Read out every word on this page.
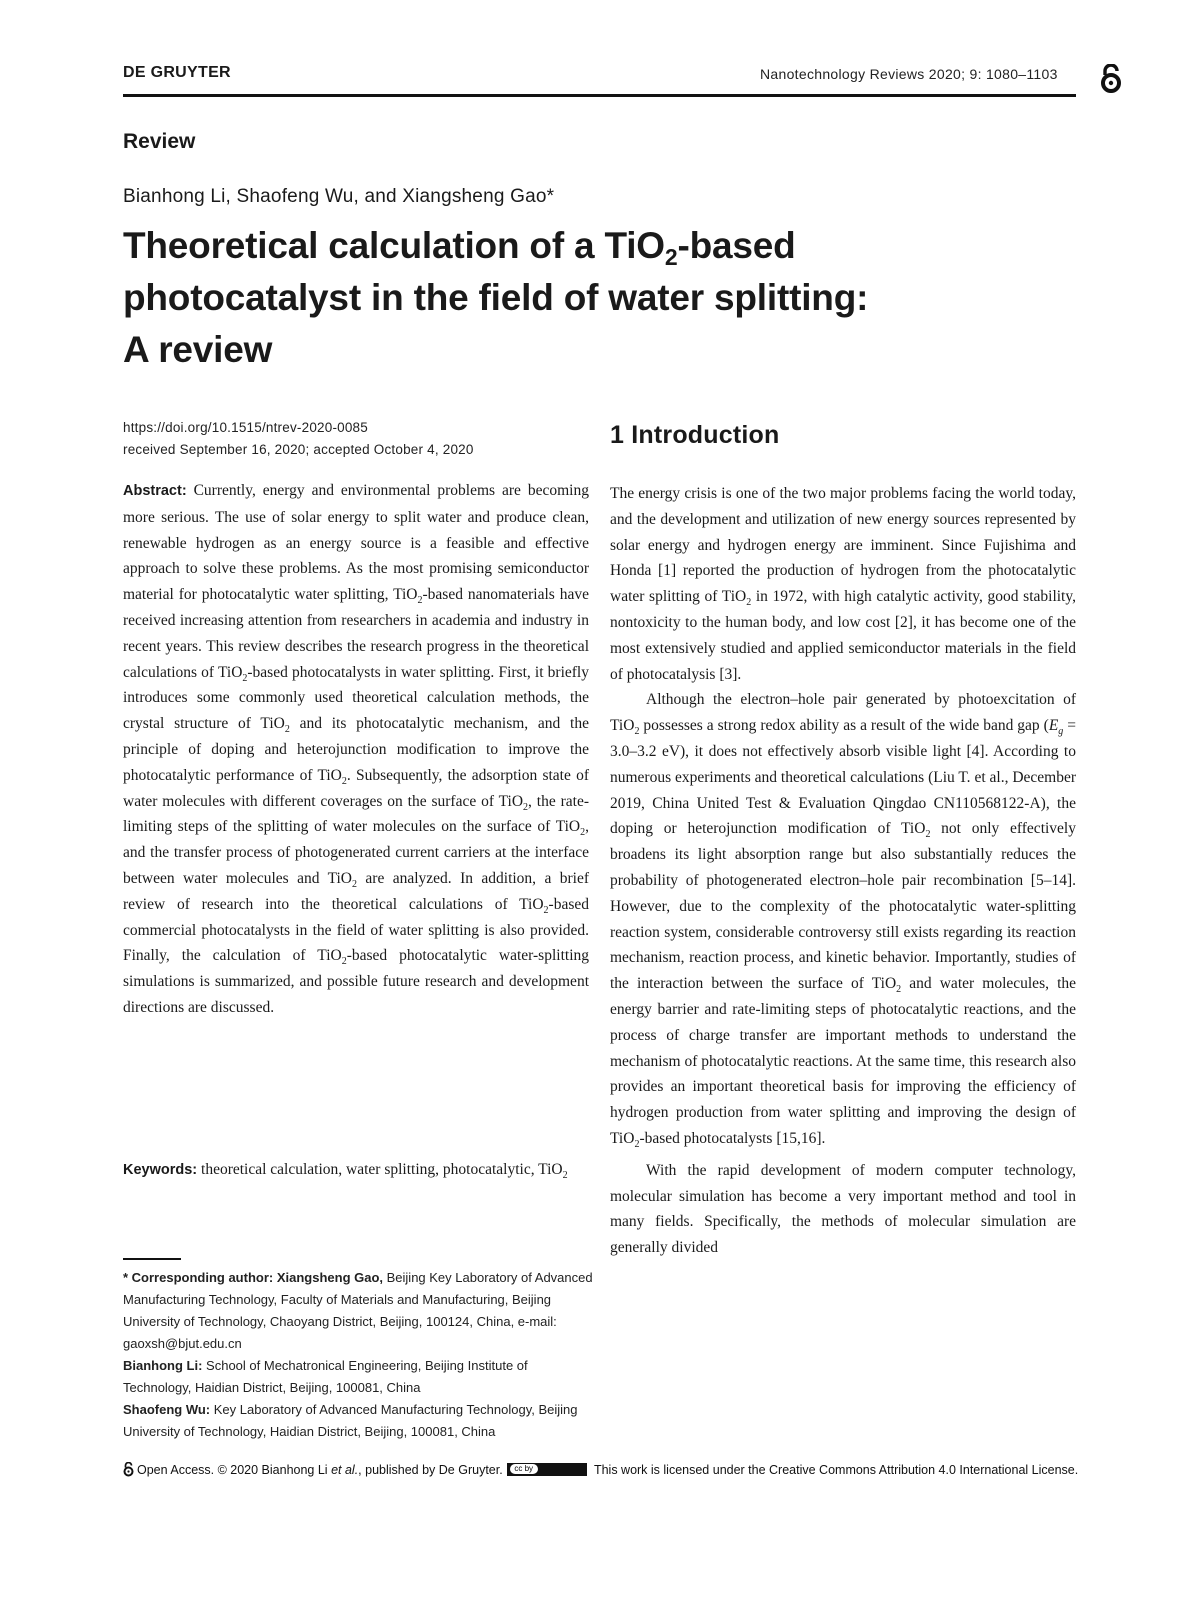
DE GRUYTER	Nanotechnology Reviews 2020; 9: 1080–1103
Review
Bianhong Li, Shaofeng Wu, and Xiangsheng Gao*
Theoretical calculation of a TiO$_2$-based
photocatalyst in the field of water splitting:
A review
https://doi.org/10.1515/ntrev-2020-0085
received September 16, 2020; accepted October 4, 2020

Abstract: Currently, energy and environmental problems are becoming more serious. The use of solar energy to split water and produce clean, renewable hydrogen as an energy source is a feasible and effective approach to solve these problems. As the most promising semiconductor material for photocatalytic water splitting, TiO$_2$-based nanomaterials have received increasing attention from researchers in academia and industry in recent years. This review describes the research progress in the theoretical calculations of TiO$_2$-based photocatalysts in water splitting. First, it briefly introduces some commonly used theoretical calculation methods, the crystal structure of TiO$_2$ and its photocatalytic mechanism, and the principle of doping and heterojunction modification to improve the photocatalytic performance of TiO$_2$. Subsequently, the adsorption state of water molecules with different coverages on the surface of TiO$_2$, the rate-limiting steps of the splitting of water molecules on the surface of TiO$_2$, and the transfer process of photogenerated current carriers at the interface between water molecules and TiO$_2$ are analyzed. In addition, a brief review of research into the theoretical calculations of TiO$_2$-based commercial photocatalysts in the field of water splitting is also provided. Finally, the calculation of TiO$_2$-based photocatalytic water-splitting simulations is summarized, and possible future research and development directions are discussed.

Keywords: theoretical calculation, water splitting, photocatalytic, TiO$_2$

* Corresponding author: Xiangsheng Gao, Beijing Key Laboratory of Advanced Manufacturing Technology, Faculty of Materials and Manufacturing, Beijing University of Technology, Chaoyang District, Beijing, 100124, China, e-mail: gaoxsh@bjut.edu.cn
Bianhong Li: School of Mechatronical Engineering, Beijing Institute of Technology, Haidian District, Beijing, 100081, China
Shaofeng Wu: Key Laboratory of Advanced Manufacturing Technology, Beijing University of Technology, Haidian District, Beijing, 100081, China
1 Introduction

The energy crisis is one of the two major problems facing the world today, and the development and utilization of new energy sources represented by solar energy and hydrogen energy are imminent. Since Fujishima and Honda [1] reported the production of hydrogen from the photocatalytic water splitting of TiO$_2$ in 1972, with high catalytic activity, good stability, nontoxicity to the human body, and low cost [2], it has become one of the most extensively studied and applied semiconductor materials in the field of photocatalysis [3].

Although the electron–hole pair generated by photoexcitation of TiO$_2$ possesses a strong redox ability as a result of the wide band gap ($E_g = 3.0-3.2$ eV), it does not effectively absorb visible light [4]. According to numerous experiments and theoretical calculations (Liu T. et al., December 2019, China United Test & Evaluation Qingdao CN110568122-A), the doping or heterojunction modification of TiO$_2$ not only effectively broadens its light absorption range but also substantially reduces the probability of photogenerated electron–hole pair recombination [5–14]. However, due to the complexity of the photocatalytic water-splitting reaction system, considerable controversy still exists regarding its reaction mechanism, reaction process, and kinetic behavior. Importantly, studies of the interaction between the surface of TiO$_2$ and water molecules, the energy barrier and rate-limiting steps of photocatalytic reactions, and the process of charge transfer are important methods to understand the mechanism of photocatalytic reactions. At the same time, this research also provides an important theoretical basis for improving the efficiency of hydrogen production from water splitting and improving the design of TiO$_2$-based photocatalysts [15,16].

With the rapid development of modern computer technology, molecular simulation has become a very important method and tool in many fields. Specifically, the methods of molecular simulation are generally divided

Open Access. © 2020 Bianhong Li et al., published by De Gruyter.	cc by	This work is licensed under the Creative Commons Attribution 4.0 International License.
